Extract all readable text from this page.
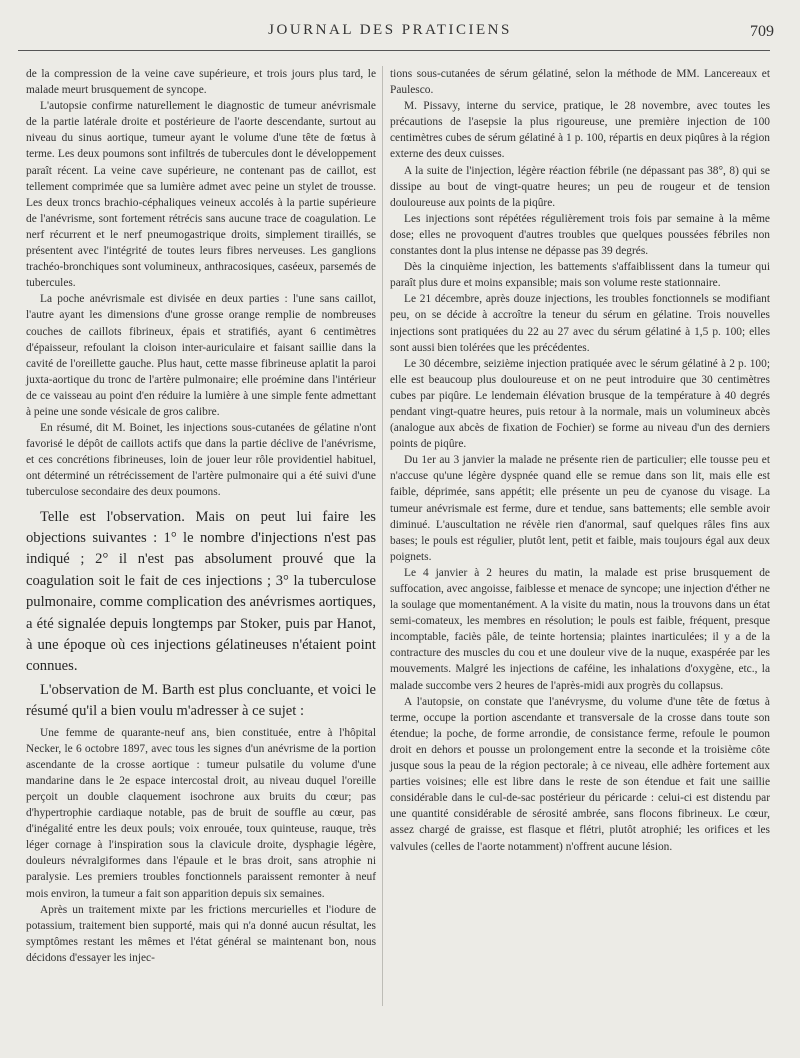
JOURNAL DES PRATICIENS	709

de la compression de la veine cave supérieure, et trois jours plus tard, le malade meurt brusquement de syncope.

L'autopsie confirme naturellement le diagnostic de tumeur anévrismale de la partie latérale droite et postérieure de l'aorte descendante, surtout au niveau du sinus aortique, tumeur ayant le volume d'une tête de fœtus à terme. Les deux poumons sont infiltrés de tubercules dont le développement paraît récent. La veine cave supérieure, ne contenant pas de caillot, est tellement comprimée que sa lumière admet avec peine un stylet de trousse. Les deux troncs brachio-céphaliques veineux accolés à la partie supérieure de l'anévrisme, sont fortement rétrécis sans aucune trace de coagulation. Le nerf récurrent et le nerf pneumogastrique droits, simplement tiraillés, se présentent avec l'intégrité de toutes leurs fibres nerveuses. Les ganglions trachéo-bronchiques sont volumineux, anthracosiques, caséeux, parsemés de tubercules.

La poche anévrismale est divisée en deux parties : l'une sans caillot, l'autre ayant les dimensions d'une grosse orange remplie de nombreuses couches de caillots fibrineux, épais et stratifiés, ayant 6 centimètres d'épaisseur, refoulant la cloison inter-auriculaire et faisant saillie dans la cavité de l'oreillette gauche. Plus haut, cette masse fibrineuse aplatit la paroi juxta-aortique du tronc de l'artère pulmonaire; elle proémine dans l'intérieur de ce vaisseau au point d'en réduire la lumière à une simple fente admettant à peine une sonde vésicale de gros calibre.

En résumé, dit M. Boinet, les injections sous-cutanées de gélatine n'ont favorisé le dépôt de caillots actifs que dans la partie déclive de l'anévrisme, et ces concrétions fibrineuses, loin de jouer leur rôle providentiel habituel, ont déterminé un rétrécissement de l'artère pulmonaire qui a été suivi d'une tuberculose secondaire des deux poumons.

Telle est l'observation. Mais on peut lui faire les objections suivantes : 1° le nombre d'injections n'est pas indiqué ; 2° il n'est pas absolument prouvé que la coagulation soit le fait de ces injections ; 3° la tuberculose pulmonaire, comme complication des anévrismes aortiques, a été signalée depuis longtemps par Stoker, puis par Hanot, à une époque où ces injections gélatineuses n'étaient point connues.

L'observation de M. Barth est plus concluante, et voici le résumé qu'il a bien voulu m'adresser à ce sujet :

Une femme de quarante-neuf ans, bien constituée, entre à l'hôpital Necker, le 6 octobre 1897, avec tous les signes d'un anévrisme de la portion ascendante de la crosse aortique : tumeur pulsatile du volume d'une mandarine dans le 2e espace intercostal droit, au niveau duquel l'oreille perçoit un double claquement isochrone aux bruits du cœur; pas d'hypertrophie cardiaque notable, pas de bruit de souffle au cœur, pas d'inégalité entre les deux pouls; voix enrouée, toux quinteuse, rauque, très léger cornage à l'inspiration sous la clavicule droite, dysphagie légère, douleurs névralgiformes dans l'épaule et le bras droit, sans atrophie ni paralysie. Les premiers troubles fonctionnels paraissent remonter à neuf mois environ, la tumeur a fait son apparition depuis six semaines.

Après un traitement mixte par les frictions mercurielles et l'iodure de potassium, traitement bien supporté, mais qui n'a donné aucun résultat, les symptômes restant les mêmes et l'état général se maintenant bon, nous décidons d'essayer les injec-

tions sous-cutanées de sérum gélatiné, selon la méthode de MM. Lancereaux et Paulesco.

M. Pissavy, interne du service, pratique, le 28 novembre, avec toutes les précautions de l'asepsie la plus rigoureuse, une première injection de 100 centimètres cubes de sérum gélatiné à 1 p. 100, répartis en deux piqûres à la région externe des deux cuisses.

A la suite de l'injection, légère réaction fébrile (ne dépassant pas 38°, 8) qui se dissipe au bout de vingt-quatre heures; un peu de rougeur et de tension douloureuse aux points de la piqûre.

Les injections sont répétées régulièrement trois fois par semaine à la même dose; elles ne provoquent d'autres troubles que quelques poussées fébriles non constantes dont la plus intense ne dépasse pas 39 degrés.

Dès la cinquième injection, les battements s'affaiblissent dans la tumeur qui paraît plus dure et moins expansible; mais son volume reste stationnaire.

Le 21 décembre, après douze injections, les troubles fonctionnels se modifiant peu, on se décide à accroître la teneur du sérum en gélatine. Trois nouvelles injections sont pratiquées du 22 au 27 avec du sérum gélatiné à 1,5 p. 100; elles sont aussi bien tolérées que les précédentes.

Le 30 décembre, seizième injection pratiquée avec le sérum gélatiné à 2 p. 100; elle est beaucoup plus douloureuse et on ne peut introduire que 30 centimètres cubes par piqûre. Le lendemain élévation brusque de la température à 40 degrés pendant vingt-quatre heures, puis retour à la normale, mais un volumineux abcès (analogue aux abcès de fixation de Fochier) se forme au niveau d'un des derniers points de piqûre.

Du 1er au 3 janvier la malade ne présente rien de particulier; elle tousse peu et n'accuse qu'une légère dyspnée quand elle se remue dans son lit, mais elle est faible, déprimée, sans appétit; elle présente un peu de cyanose du visage. La tumeur anévrismale est ferme, dure et tendue, sans battements; elle semble avoir diminué. L'auscultation ne révèle rien d'anormal, sauf quelques râles fins aux bases; le pouls est régulier, plutôt lent, petit et faible, mais toujours égal aux deux poignets.

Le 4 janvier à 2 heures du matin, la malade est prise brusquement de suffocation, avec angoisse, faiblesse et menace de syncope; une injection d'éther ne la soulage que momentanément. A la visite du matin, nous la trouvons dans un état semi-comateux, les membres en résolution; le pouls est faible, fréquent, presque incomptable, faciès pâle, de teinte hortensia; plaintes inarticulées; il y a de la contracture des muscles du cou et une douleur vive de la nuque, exaspérée par les mouvements. Malgré les injections de caféine, les inhalations d'oxygène, etc., la malade succombe vers 2 heures de l'après-midi aux progrès du collapsus.

A l'autopsie, on constate que l'anévrysme, du volume d'une tête de fœtus à terme, occupe la portion ascendante et transversale de la crosse dans toute son étendue; la poche, de forme arrondie, de consistance ferme, refoule le poumon droit en dehors et pousse un prolongement entre la seconde et la troisième côte jusque sous la peau de la région pectorale; à ce niveau, elle adhère fortement aux parties voisines; elle est libre dans le reste de son étendue et fait une saillie considérable dans le cul-de-sac postérieur du péricarde : celui-ci est distendu par une quantité considérable de sérosité ambrée, sans flocons fibrineux. Le cœur, assez chargé de graisse, est flasque et flétri, plutôt atrophié; les orifices et les valvules (celles de l'aorte notamment) n'offrent aucune lésion.
